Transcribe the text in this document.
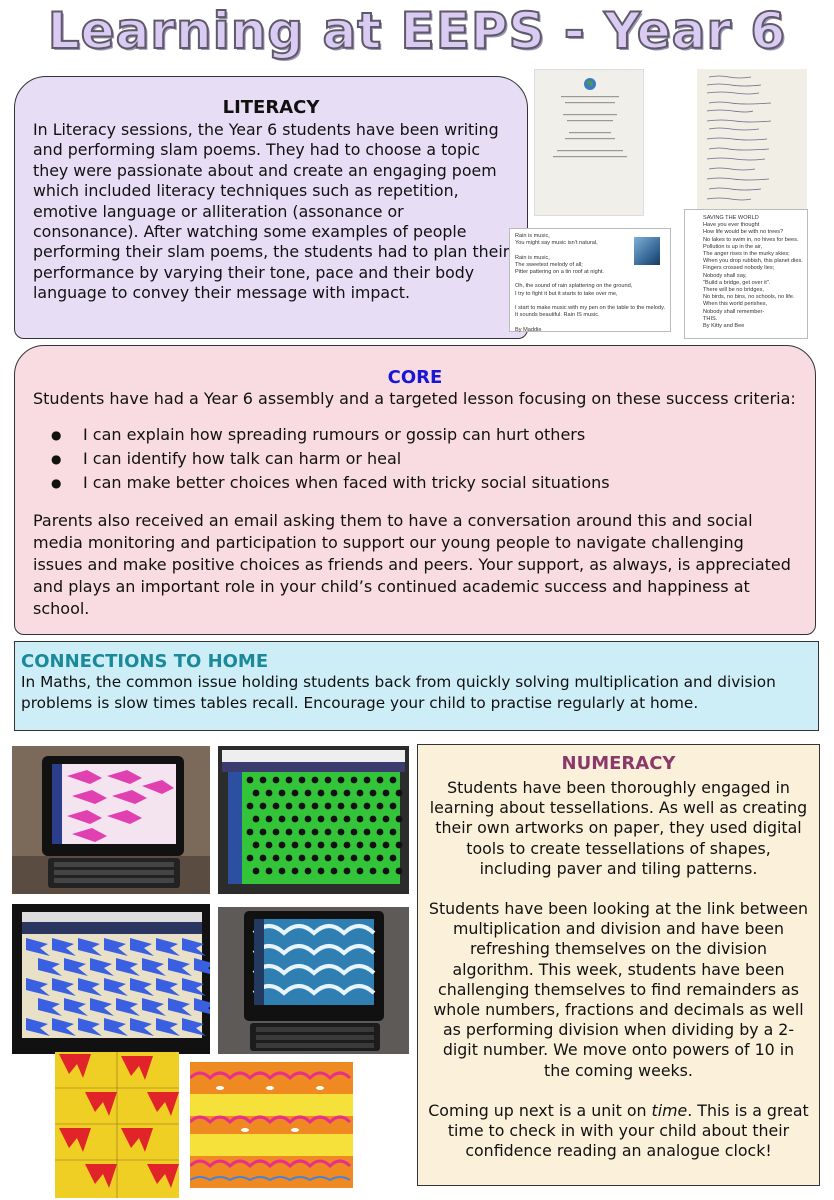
Learning at EEPS - Year 6
LITERACY
In Literacy sessions, the Year 6 students have been writing and performing slam poems. They had to choose a topic they were passionate about and create an engaging poem which included literacy techniques such as repetition, emotive language or alliteration (assonance or consonance). After watching some examples of people performing their slam poems, the students had to plan their performance by varying their tone, pace and their body language to convey their message with impact.
Rain is music,
You might say music isn't natural,

Rain is music,
The sweetest melody of all;
Pitter pattering on a tin roof at night.

Oh, the sound of rain splattering on the ground,
I try to fight it but it starts to take over me,

I start to make music with my pen on the table to the melody.
It sounds beautiful. Rain IS music.

By Maddie
SAVING THE WORLD
Have you ever thought
How life would be with no trees?
No lakes to swim in, no hives for bees.
Pollution is up in the air,
The anger rises in the murky skies;
When you drop rubbish, this planet dies.
Fingers crossed nobody lies;
Nobody shall say,
"Build a bridge, get over it".
There will be no bridges,
No birds, no bins, no schools, no life.
When this world perishes,
Nobody shall remember-
THIS.
By Kitty and Bee
CORE
Students have had a Year 6 assembly and a targeted lesson focusing on these success criteria:
● I can explain how spreading rumours or gossip can hurt others
● I can identify how talk can harm or heal
● I can make better choices when faced with tricky social situations
Parents also received an email asking them to have a conversation around this and social media monitoring and participation to support our young people to navigate challenging issues and make positive choices as friends and peers. Your support, as always, is appreciated and plays an important role in your child’s continued academic success and happiness at school.
CONNECTIONS TO HOME
In Maths, the common issue holding students back from quickly solving multiplication and division problems is slow times tables recall. Encourage your child to practise regularly at home.
NUMERACY
Students have been thoroughly engaged in learning about tessellations. As well as creating their own artworks on paper, they used digital tools to create tessellations of shapes, including paver and tiling patterns.
Students have been looking at the link between multiplication and division and have been refreshing themselves on the division algorithm. This week, students have been challenging themselves to find remainders as whole numbers, fractions and decimals as well as performing division when dividing by a 2-digit number. We move onto powers of 10 in the coming weeks.
Coming up next is a unit on time. This is a great time to check in with your child about their confidence reading an analogue clock!
